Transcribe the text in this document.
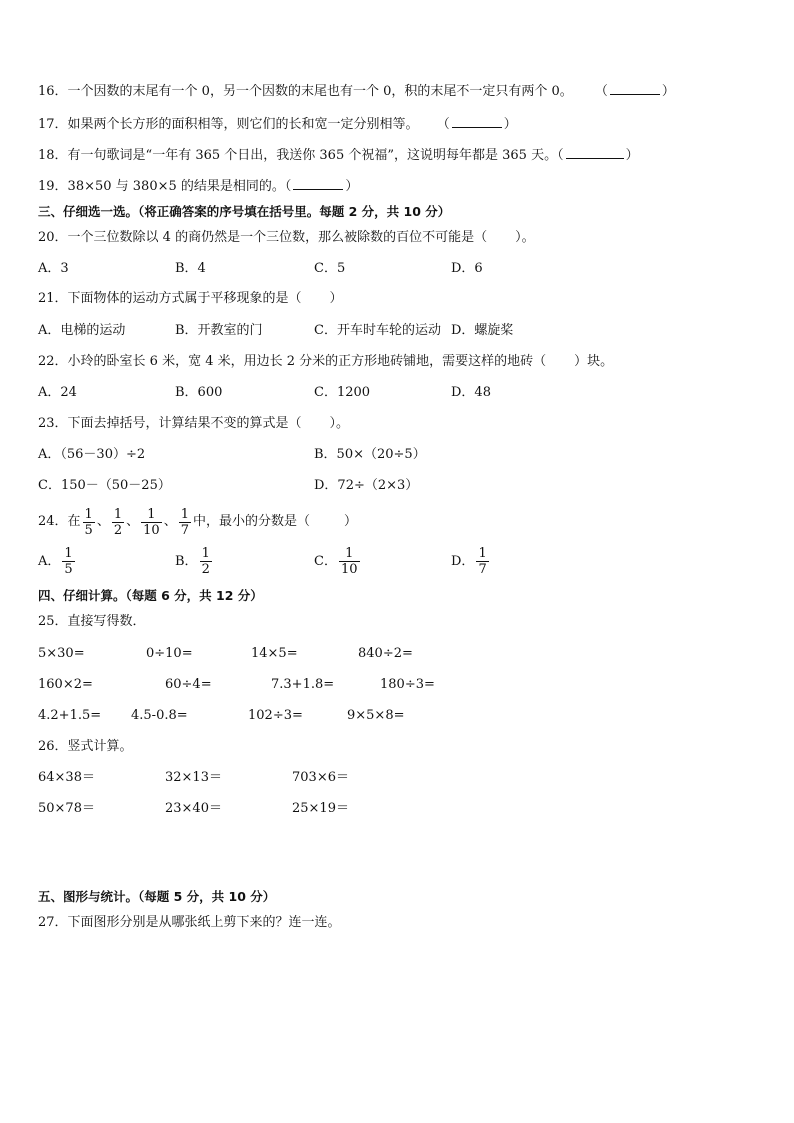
16．一个因数的末尾有一个 0，另一个因数的末尾也有一个 0，积的末尾不一定只有两个 0。 （	）
17．如果两个长方形的面积相等，则它们的长和宽一定分别相等。 （	）
18．有一句歌词是“一年有 365 个日出，我送你 365 个祝福”，这说明每年都是 365 天。（	）
19．38×50 与 380×5 的结果是相同的。（	）
三、仔细选一选。（将正确答案的序号填在括号里。每题 2 分，共 10 分）
20．一个三位数除以 4 的商仍然是一个三位数，那么被除数的百位不可能是（ ）。
A．3	B．4	C．5	D．6
21．下面物体的运动方式属于平移现象的是（ ）
A．电梯的运动	B．开教室的门	C．开车时车轮的运动 D．螺旋桨
22．小玲的卧室长 6 米，宽 4 米，用边长 2 分米的正方形地砖铺地，需要这样的地砖（ ）块。
A．24	B．600	C．1200	D．48
23．下面去掉括号，计算结果不变的算式是（ ）。
A．（56－30）÷2	B．50×（20÷5）
C．150－（50－25）	D．72÷（2×3）
24．在 $\frac{1}{5}$ 、 $\frac{1}{2}$ 、 $\frac{1}{10}$ 、 $\frac{1}{7}$ 中，最小的分数是（	）
A． $\frac{1}{5}$	B． $\frac{1}{2}$	C． $\frac{1}{10}$	D． $\frac{1}{7}$
四、仔细计算。（每题 6 分，共 12 分）
25．直接写得数．
5×30=	0÷10=	14×5=	840÷2=
160×2=	60÷4=	7.3+1.8=	180÷3=
4.2+1.5= 4.5-0.8=	102÷3=	9×5×8=
26．竖式计算。
64×38＝	32×13＝	703×6＝
50×78＝	23×40＝	25×19＝
五、图形与统计。（每题 5 分，共 10 分）
27．下面图形分别是从哪张纸上剪下来的？连一连。
